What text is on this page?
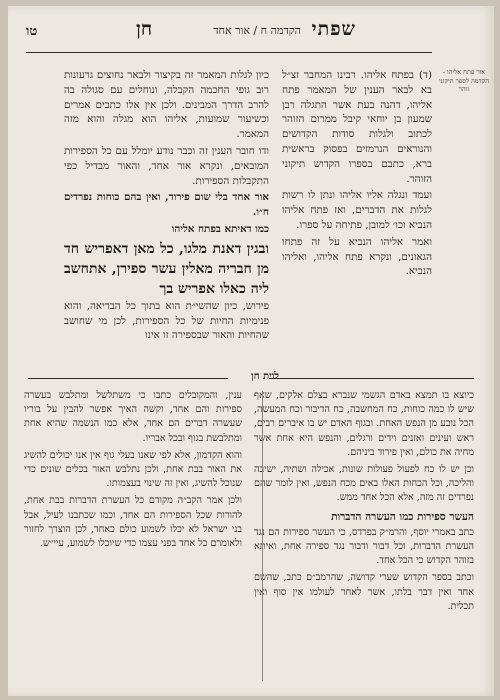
שפתי
הקדמה ח / אור אחד
חן
טו
אור פתח אליהו - הקדמה לספר תיקוני זוהר

(ד) בפתח אליהו. רבינו המחבר זצ״ל בא לבאר הענין של המאמר פתח אליהו, דהנה בעת אשר התגלה רבן שמעון בן יוחאי קיבל ממרום הזוהר לכתוב ולגלות סודות הקדושים והנוראים הנרמזים בפסוק בראשית ברא, כתבם בספרו הקדוש תיקוני הזוהר.

ועמד ונגלה אליו אליהו ונתן לו רשות לגלות את הדברים, ואז פתח אליהו הנביא וכו׳ למובן, פתיחה על ספרו.

ואמר אליהו הנביא על זה פתחו הגאונים, ונקרא פתח אליהו, ואליהו הנביא.

כיון לגלות המאמר זה בקיצור ולבאר נחוצים גרעונות רוב גופי החכמה הקבלה, ונוחלים עם סגולה בה להרב הדרך המבינים. ולכן אין אלו כתבים אמרים וכשיעור שמועות, אליהו הוא מגלה והוא מזה המאמר.

ודו חובר הענין זה וכבר נודע יומלל עם כל הספירות המובאים, ונקרא אור אחד, והאור מבדיל כפי התקבלות הספירות.

אור אחד בלי שום פירוד, ואין בהם כוחות נפרדים ח״ו.

כמו דאיתא בפתח אליהו

ובגין דאנת מלגו, כל מאן דאפריש חד מן חבריה מאלין עשר ספירן, אתחשב ליה כאלו אפריש בך

פירוש, כיון שהשי״ת הוא בתוך כל הבריאה, והוא פנימיות החיות של כל הספירות, לכן מי שחושב שהחיות והאור שבספירה זו אינו

לוית חן

כיוצא בו תמצא באדם הגשמי שנברא בצלם אלקים, שאף שיש לו כמה כוחות, כח המחשבה, כח הדיבור וכח המעשה, הכל נובע מן הנפש האחת. ובגוף האדם יש בו איברים רבים, ראש ועינים ואזנים וידים ורגלים, והנפש היא אחת אשר מחיה את כולם, ואין פירוד ביניהם.

וכן יש לו כח לפעול פעולות שונות, אכילה ושתיה, ישיבה והליכה, וכל הכחות האלו באים מכח הנפש, ואין לומר שהם נפרדים זה מזה, אלא הכל אחד ממש.

העשר ספירות כמו העשרה הדברות

כתב באמרי יוסף, והרמ״ק בפרדס, כי העשר ספירות הם נגד העשרת הדברות, וכל דבור ודבור נגד ספירה אחת, ואיתא בזוהר הקדוש כי הכל אחד.

וכתב בספר הקדוש שערי קדושה, שהרמב״ם כתב, שהשם אחד ואין דבר בלתו, אשר לאחר לעולמו אין סוף ואין תכלית.

ענין, והמקובלים כתבו כי משתלשל ומתלבש בעשרה ספירות והם אחד, וקשה האיך אפשר להבין על בוריו שעשרה דברים הם אחד, אלא כמו הנשמה שהיא אחת ומתלבשת בגוף ובכל אבריו.

והוא הקדמון, אלא לפי שאנו בעלי גוף אין אנו יכולים להשיג את האור בבת אחת, ולכן נתלבש האור בכלים שונים כדי שנוכל להשיג, ואין זה שינוי בעצמותו.

ולכן אמר הקב״ה מקודם כל העשרת הדברות בבת אחת, להורות שכל הספירות הם אחד, וכמו שכתבנו לעיל, אבל בני ישראל לא יכלו לשמוע כולם כאחד, לכן הוצרך לחזור ולאומרם כל אחד בפני עצמו כדי שיוכלו לשמוע, עיי״ש.
